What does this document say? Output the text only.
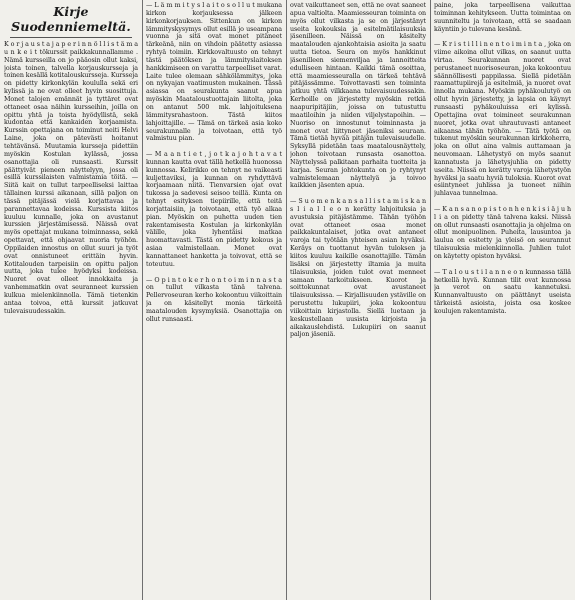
Kirje Suodenniemeltä.

K o r j a u s t a j a p e r i n n ö l l i s t ä m a u n k e i t tökurssit paikkakunnallamme . Nämä kursseilla on jo pääosin ollut kaksi, joista toinen, talvella korjauskursseja ja toinen kesällä kotitalouskursseja. Kursseja on pidetty kirkonkylän koululla sekä eri kylissä ja ne ovat olleet hyvin suosittuja. Monet talojen emännät ja tyttäret ovat ottaneet osaa näihin kursseihin, joilla on opittu yhtä ja toista hyödyllistä, sekä kudontaa että kankaiden korjaamista. Kurssin opettajana on toiminut neiti Helvi Laine, joka on pätevästi hoitanut tehtävänsä. Muutamia kursseja pidettiin myöskin Kostulan kylässä, jossa osanottajia oli runsaasti. Kurssit päättyivät pieneen näyttelyyn, jossa oli esillä kurssilaisten valmistamia töitä. — Siitä kait on tullut tarpeelliseksi laittaa tällainen kurssi aikanaan, sillä paljon on tässä pitäjässä vielä korjattavaa ja parannettavaa kodeissa. Kurssista kiitos kuuluu kunnalle, joka on avustanut kurssien järjestämisessä. Näissä ovat myös opettajat mukana toiminnassa, sekä opettavat, että ohjaavat nuoria työhön. Oppilaiden innostus on ollut suuri ja työt ovat onnistuneet erittäin hyvin. Kotitalouden tarpeisiin on opittu paljon uutta, joka tulee hyödyksi kodeissa. Nuoret ovat olleet innokkaita ja vanhemmatkin ovat seuranneet kurssien kulkua mielenkiinnolla. Tämä tietenkin antaa toivoa, että kurssit jatkuvat tulevaisuudessakin.

— L ä m m i t y s l a i t o s o l l u t mukana kirkon korjauksessa jälkeen kirkonkorjauksen. Sittenkun on kirkon lämmityskysymys ollut esillä jo useampana vuonna ja sitä ovat monet pitäneet tärkeänä, niin on vihdoin päätetty asiassa ryhtyä toimiin. Kirkkovaltuusto on tehnyt tästä päätöksen ja lämmityslaitoksen hankkimiseen on varattu tarpeelliset varat. Laite tulee olemaan sähkölämmitys, joka on nykyajan vaatimusten mukainen. Tässä asiassa on seurakunta saanut apua myöskin Maataloustuottajain liitolta, joka on antanut 500 mk. lahjoituksena lämmitysrahastoon. Tästä kiitos lahjoittajille. — Tämä on tärkeä asia koko seurakunnalle ja toivotaan, että työ valmistuu pian.

— M a a n t i e t , j o t k a j o h t a v a t kunnan kautta ovat tällä hetkellä huonossa kunnossa. Kelirikko on tehnyt ne vaikeasti kuljettaviksi, ja kunnan on ryhdyttävä korjaamaan niitä. Tienvarsien ojat ovat tukossa ja sadevesi seisoo teillä. Kunta on tehnyt esityksen tiepiirille, että teitä korjattaisiin, ja toivotaan, että työ alkaa pian. Myöskin on puhetta uuden tien rakentamisesta Kostulan ja kirkonkylän välille, joka lyhentäisi matkaa huomattavasti. Tästä on pidetty kokous ja asiaa valmistellaan. Monet ovat kannattaneet hanketta ja toivovat, että se toteutuu.

— O p i n t o k e r h o n t o i m i n n a s t a on tullut vilkasta tänä talvena. Pellervoseuran kerho kokoontuu viikoittain ja on käsitellyt monia tärkeitä maatalouden kysymyksiä. Osanottajia on ollut runsaasti.

ovat vaikuttaneet sen, että ne ovat saaneet apua valtiolta. Maamiesseuran toiminta on myös ollut vilkasta ja se on järjestänyt useita kokouksia ja esitelmätilaisuuksia jäsenilleen. Näissä on käsitelty maatalouden ajankohtaisia asioita ja saatu uutta tietoa. Seura on myös hankkinut jäsenilleen siemenviljaa ja lannoitteita edulliseen hintaan. Kaikki tämä osoittaa, että maamiesseuralla on tärkeä tehtävä pitäjässämme. Toivottavasti sen toiminta jatkuu yhtä vilkkaana tulevaisuudessakin. Kerhoille on järjestetty myöskin retkiä naapuripitäjiin, joissa on tutustuttu maatiloihin ja niiden viljelystapoihin. — Nuoriso on innostunut toiminnasta ja monet ovat liittyneet jäseniksi seuraan. Tämä tietää hyvää pitäjän tulevaisuudelle. Syksyllä pidetään taas maatalousnäyttely, johon toivotaan runsasta osanottoa. Näyttelyssä palkitaan parhaita tuotteita ja karjaa. Seuran johtokunta on jo ryhtynyt valmistelemaan näyttelyä ja toivoo kaikkien jäsenten apua.

— S u o m e n k a n s a l l i s t a m i s k a n s l i a l l e o n kerätty lahjoituksia ja avustuksia pitäjästämme. Tähän työhön ovat ottaneet osaa monet paikkakuntalaiset, jotka ovat antaneet varoja tai työtään yhteisen asian hyväksi. Keräys on tuottanut hyvän tuloksen ja kiitos kuuluu kaikille osanottajille. Tämän lisäksi on järjestetty iltamia ja muita tilaisuuksia, joiden tulot ovat menneet samaan tarkoitukseen. Kuorot ja soittokunnat ovat avustaneet tilaisuuksissa. — Kirjallisuuden ystäville on perustettu lukupiiri, joka kokoontuu viikoittain kirjastolla. Siellä luetaan ja keskustellaan uusista kirjoista ja aikakauslehdistä. Lukupiiri on saanut paljon jäseniä.

paine, joka tarpeellisena vaikuttaa toiminnan kehitykseen. Uutta toimintaa on suunniteltu ja toivotaan, että se saadaan käyntiin jo tulevana kesänä.

— K r i s t i l l i n e n t o i m i n t a , joka on viime aikoina ollut vilkas, on saanut uutta virtaa. Seurakunnan nuoret ovat perustaneet nuorisoseuran, joka kokoontuu säännöllisesti pappilassa. Siellä pidetään raamattupiirejä ja esitelmiä, ja nuoret ovat innolla mukana. Myöskin pyhäkoulutyö on ollut hyvin järjestetty, ja lapsia on käynyt runsaasti pyhäkouluissa eri kylissä. Opettajina ovat toimineet seurakunnan nuoret, jotka ovat uhrautuvasti antaneet aikaansa tähän työhön. — Tätä työtä on tukenut myöskin seurakunnan kirkkoherra, joka on ollut aina valmis auttamaan ja neuvomaan. Lähetystyö on myös saanut kannatusta ja lähetysjuhlia on pidetty useita. Niissä on kerätty varoja lähetystyön hyväksi ja saatu hyviä tuloksia. Kuorot ovat esiintyneet juhlissa ja tuoneet niihin juhlavaa tunnelmaa.

— K a n s a n o p i s t o n h e n k i s i ä j u h l i a on pidetty tänä talvena kaksi. Niissä on ollut runsaasti osanottajia ja ohjelma on ollut monipuolinen. Puheita, lausuntoa ja laulua on esitetty ja yleisö on seurannut tilaisuuksia mielenkiinnolla. Juhlien tulot on käytetty opiston hyväksi.

— T a l o u s t i l a n n e o n kunnassa tällä hetkellä hyvä. Kunnan tilit ovat kunnossa ja verot on saatu kannetuksi. Kunnanvaltuusto on päättänyt useista tärkeistä asioista, joista osa koskee koulujen rakentamista.
